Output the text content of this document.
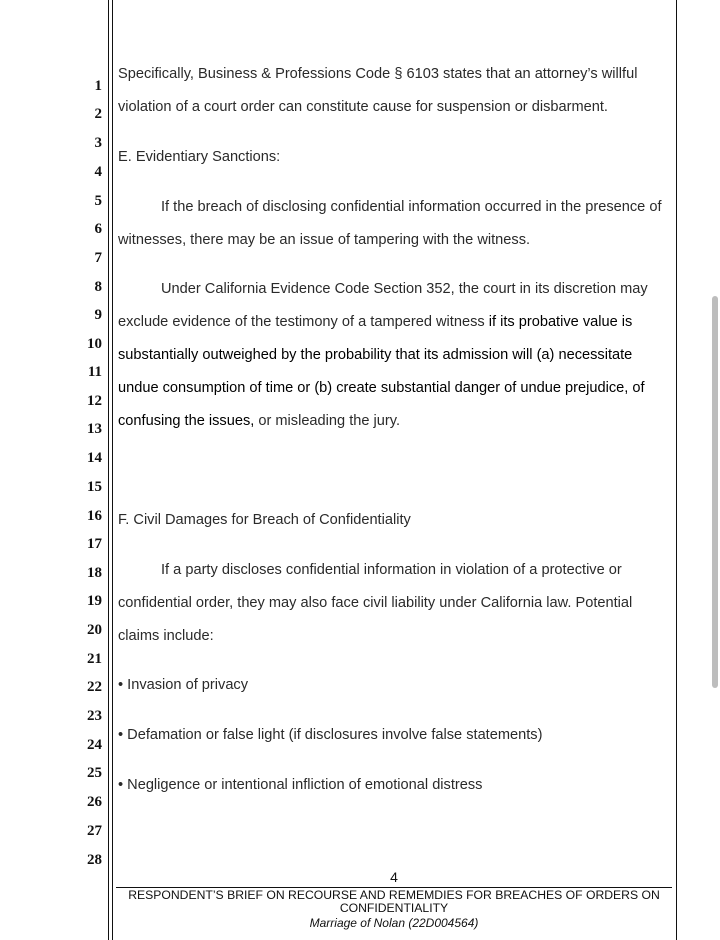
1
2
3
4
5
6
7
8
9
10
11
12
13
14
15
16
17
18
19
20
21
22
23
24
25
26
27
28

Specifically, Business & Professions Code § 6103 states that an attorney’s willful violation of a court order can constitute cause for suspension or disbarment.

E. Evidentiary Sanctions:

If the breach of disclosing confidential information occurred in the presence of witnesses, there may be an issue of tampering with the witness.

Under California Evidence Code Section 352, the court in its discretion may exclude evidence of the testimony of a tampered witness if its probative value is substantially outweighed by the probability that its admission will (a) necessitate undue consumption of time or (b) create substantial danger of undue prejudice, of confusing the issues, or misleading the jury.

F. Civil Damages for Breach of Confidentiality

If a party discloses confidential information in violation of a protective or confidential order, they may also face civil liability under California law. Potential claims include:

• Invasion of privacy

• Defamation or false light (if disclosures involve false statements)

• Negligence or intentional infliction of emotional distress

4
RESPONDENT’S BRIEF ON RECOURSE AND REMEMDIES FOR BREACHES OF ORDERS ON CONFIDENTIALITY
Marriage of Nolan (22D004564)
